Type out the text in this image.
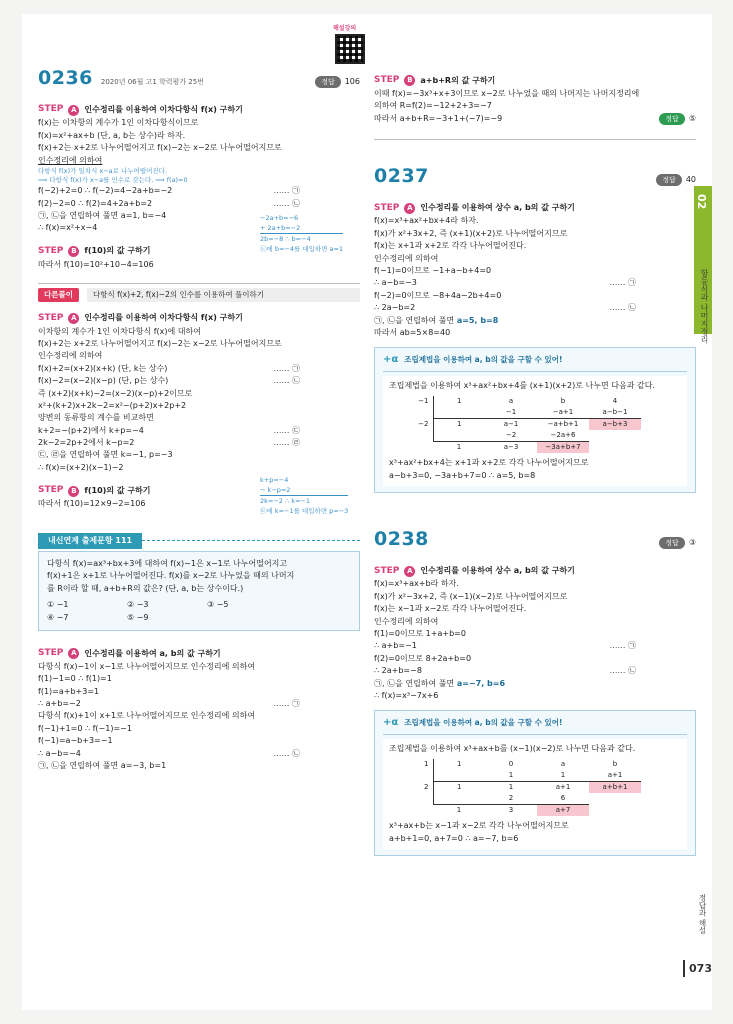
해설강의
02
항등식과 나머지정리
정답과 해설
073
0236 2020년 06월 고1 학력평가 25번	정답	106
STEP	A 인수정리를 이용하여 이차다항식 f(x) 구하기
f(x)는 이차항의 계수가 1인 이차다항식이므로
f(x)=x²+ax+b (단, a, b는 상수)라 하자.
f(x)+2는 x+2로 나누어떨어지고 f(x)−2는 x−2로 나누어떨어지므로
인수정리에 의하여
다항식 f(x)가 일차식 x−a로 나누어떨어진다.
⟹ 다항식 f(x)가 x−a를 인수로 갖는다. ⟹ f(a)=0
f(−2)+2=0 ∴ f(−2)=4−2a+b=−2	…… ㉠
f(2)−2=0 ∴ f(2)=4+2a+b=2	…… ㉡
㉠, ㉡을 연립하여 풀면 a=1, b=−4
∴ f(x)=x²+x−4
−2a+b=−6
+ 2a+b=−2
2b=−8 ∴ b=−4
㉡에 b=−4를 대입하면 a=1
STEP	B f(10)의 값 구하기
따라서 f(10)=10²+10−4=106
다른풀이	다항식 f(x)+2, f(x)−2의 인수를 이용하여 풀이하기
STEP	A 인수정리를 이용하여 이차다항식 f(x) 구하기
이차항의 계수가 1인 이차다항식 f(x)에 대하여
f(x)+2는 x+2로 나누어떨어지고 f(x)−2는 x−2로 나누어떨어지므로
인수정리에 의하여
f(x)+2=(x+2)(x+k) (단, k는 상수)	…… ㉠
f(x)−2=(x−2)(x−p) (단, p는 상수)	…… ㉡
즉 (x+2)(x+k)−2=(x−2)(x−p)+2이므로
x²+(k+2)x+2k−2=x²−(p+2)x+2p+2
양변의 동류항의 계수를 비교하면
k+2=−(p+2)에서 k+p=−4	…… ㉢
2k−2=2p+2에서 k−p=2	…… ㉣
㉢, ㉣을 연립하여 풀면 k=−1, p=−3
∴ f(x)=(x+2)(x−1)−2
k+p=−4
− k−p=2
2k=−2 ∴ k=−1
㉢에 k=−1를 대입하면 p=−3
STEP	B f(10)의 값 구하기
따라서 f(10)=12×9−2=106
내신연계 출제문항 111
다항식 f(x)=ax³+bx+3에 대하여 f(x)−1은 x−1로 나누어떨어지고
f(x)+1은 x+1로 나누어떨어진다. f(x)를 x−2로 나누었을 때의 나머지
를 R이라 할 때, a+b+R의 값은? (단, a, b는 상수이다.)
① −1	② −3	③ −5
④ −7	⑤ −9
STEP	A 인수정리를 이용하여 a, b의 값 구하기
다항식 f(x)−1이 x−1로 나누어떨어지므로 인수정리에 의하여
f(1)−1=0 ∴ f(1)=1
f(1)=a+b+3=1
∴ a+b=−2	…… ㉠
다항식 f(x)+1이 x+1로 나누어떨어지므로 인수정리에 의하여
f(−1)+1=0 ∴ f(−1)=−1
f(−1)=a−b+3=−1
∴ a−b=−4	…… ㉡
㉠, ㉡을 연립하여 풀면 a=−3, b=1
STEP	B a+b+R의 값 구하기
이때 f(x)=−3x³+x+3이므로 x−2로 나누었을 때의 나머지는 나머지정리에
의하여 R=f(2)=−12+2+3=−7
따라서 a+b+R=−3+1+(−7)=−9	정답	⑤
0237	정답	40
STEP	A 인수정리를 이용하여 상수 a, b의 값 구하기
f(x)=x³+ax²+bx+4라 하자.
f(x)가 x²+3x+2, 즉 (x+1)(x+2)로 나누어떨어지므로
f(x)는 x+1과 x+2로 각각 나누어떨어진다.
인수정리에 의하여
f(−1)=0이므로 −1+a−b+4=0
∴ a−b=−3	…… ㉠
f(−2)=0이므로 −8+4a−2b+4=0
∴ 2a−b=2	…… ㉡
㉠, ㉡을 연립하여 풀면
a=5, b=8
따라서 ab=5×8=40
+α 조립제법을 이용하여 a, b의 값을 구할 수 있어!
조립제법을 이용하여 x³+ax²+bx+4를 (x+1)(x+2)로 나누면 다음과 같다.
−1	1	a	b	4
		−1	−a+1	a−b−1
−2	1	a−1	−a+b+1	a−b+3
		−2	−2a+6	
	1	a−3	−3a+b+7	
x³+ax²+bx+4는 x+1과 x+2로 각각 나누어떨어지므로
a−b+3=0, −3a+b+7=0 ∴ a=5, b=8
0238	정답	③
STEP	A 인수정리를 이용하여 상수 a, b의 값 구하기
f(x)=x³+ax+b라 하자.
f(x)가 x²−3x+2, 즉 (x−1)(x−2)로 나누어떨어지므로
f(x)는 x−1과 x−2로 각각 나누어떨어진다.
인수정리에 의하여
f(1)=0이므로 1+a+b=0
∴ a+b=−1	…… ㉠
f(2)=0이므로 8+2a+b=0
∴ 2a+b=−8	…… ㉡
㉠, ㉡을 연립하여 풀면
a=−7, b=6
∴ f(x)=x³−7x+6
+α 조립제법을 이용하여 a, b의 값을 구할 수 있어!
조립제법을 이용하여 x³+ax+b를 (x−1)(x−2)로 나누면 다음과 같다.
1	1	0	a	b
		1	1	a+1
2	1	1	a+1	a+b+1
		2	6	
	1	3	a+7	
x³+ax+b는 x−1과 x−2로 각각 나누어떨어지므로
a+b+1=0, a+7=0 ∴ a=−7, b=6
